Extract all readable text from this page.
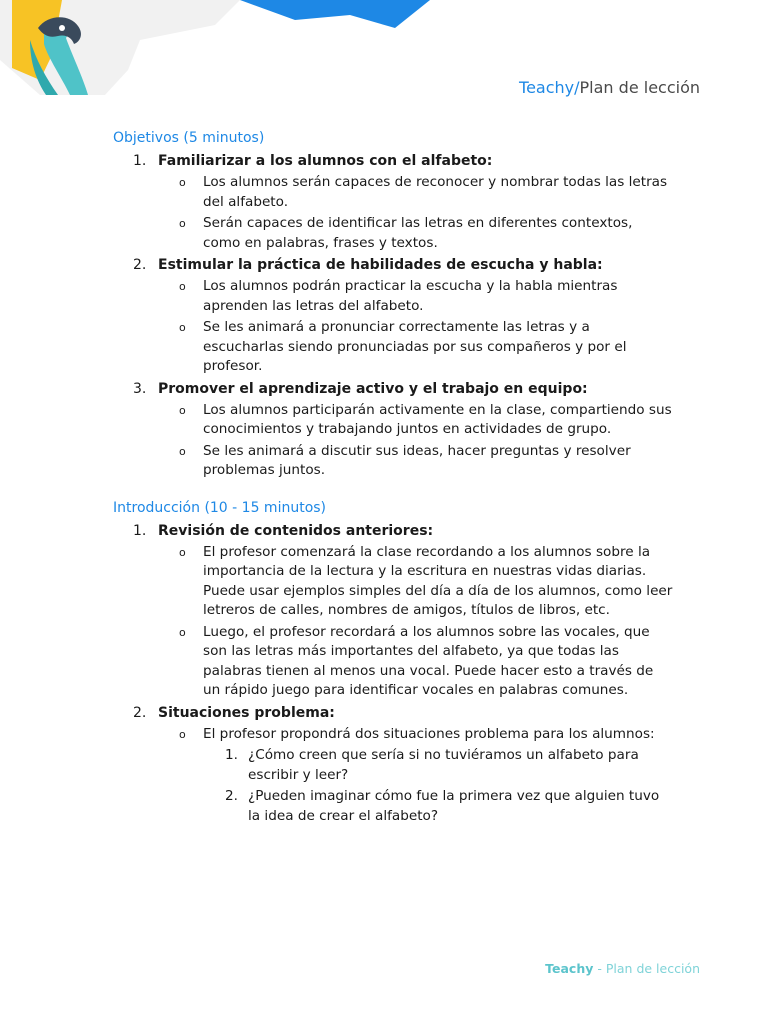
Teachy/Plan de lección
Objetivos (5 minutos)
1. Familiarizar a los alumnos con el alfabeto:
o Los alumnos serán capaces de reconocer y nombrar todas las letras del alfabeto.
o Serán capaces de identificar las letras en diferentes contextos, como en palabras, frases y textos.
2. Estimular la práctica de habilidades de escucha y habla:
o Los alumnos podrán practicar la escucha y la habla mientras aprenden las letras del alfabeto.
o Se les animará a pronunciar correctamente las letras y a escucharlas siendo pronunciadas por sus compañeros y por el profesor.
3. Promover el aprendizaje activo y el trabajo en equipo:
o Los alumnos participarán activamente en la clase, compartiendo sus conocimientos y trabajando juntos en actividades de grupo.
o Se les animará a discutir sus ideas, hacer preguntas y resolver problemas juntos.
Introducción (10 - 15 minutos)
1. Revisión de contenidos anteriores:
o El profesor comenzará la clase recordando a los alumnos sobre la importancia de la lectura y la escritura en nuestras vidas diarias. Puede usar ejemplos simples del día a día de los alumnos, como leer letreros de calles, nombres de amigos, títulos de libros, etc.
o Luego, el profesor recordará a los alumnos sobre las vocales, que son las letras más importantes del alfabeto, ya que todas las palabras tienen al menos una vocal. Puede hacer esto a través de un rápido juego para identificar vocales en palabras comunes.
2. Situaciones problema:
o El profesor propondrá dos situaciones problema para los alumnos:
1. ¿Cómo creen que sería si no tuviéramos un alfabeto para escribir y leer?
2. ¿Pueden imaginar cómo fue la primera vez que alguien tuvo la idea de crear el alfabeto?
Teachy - Plan de lección
